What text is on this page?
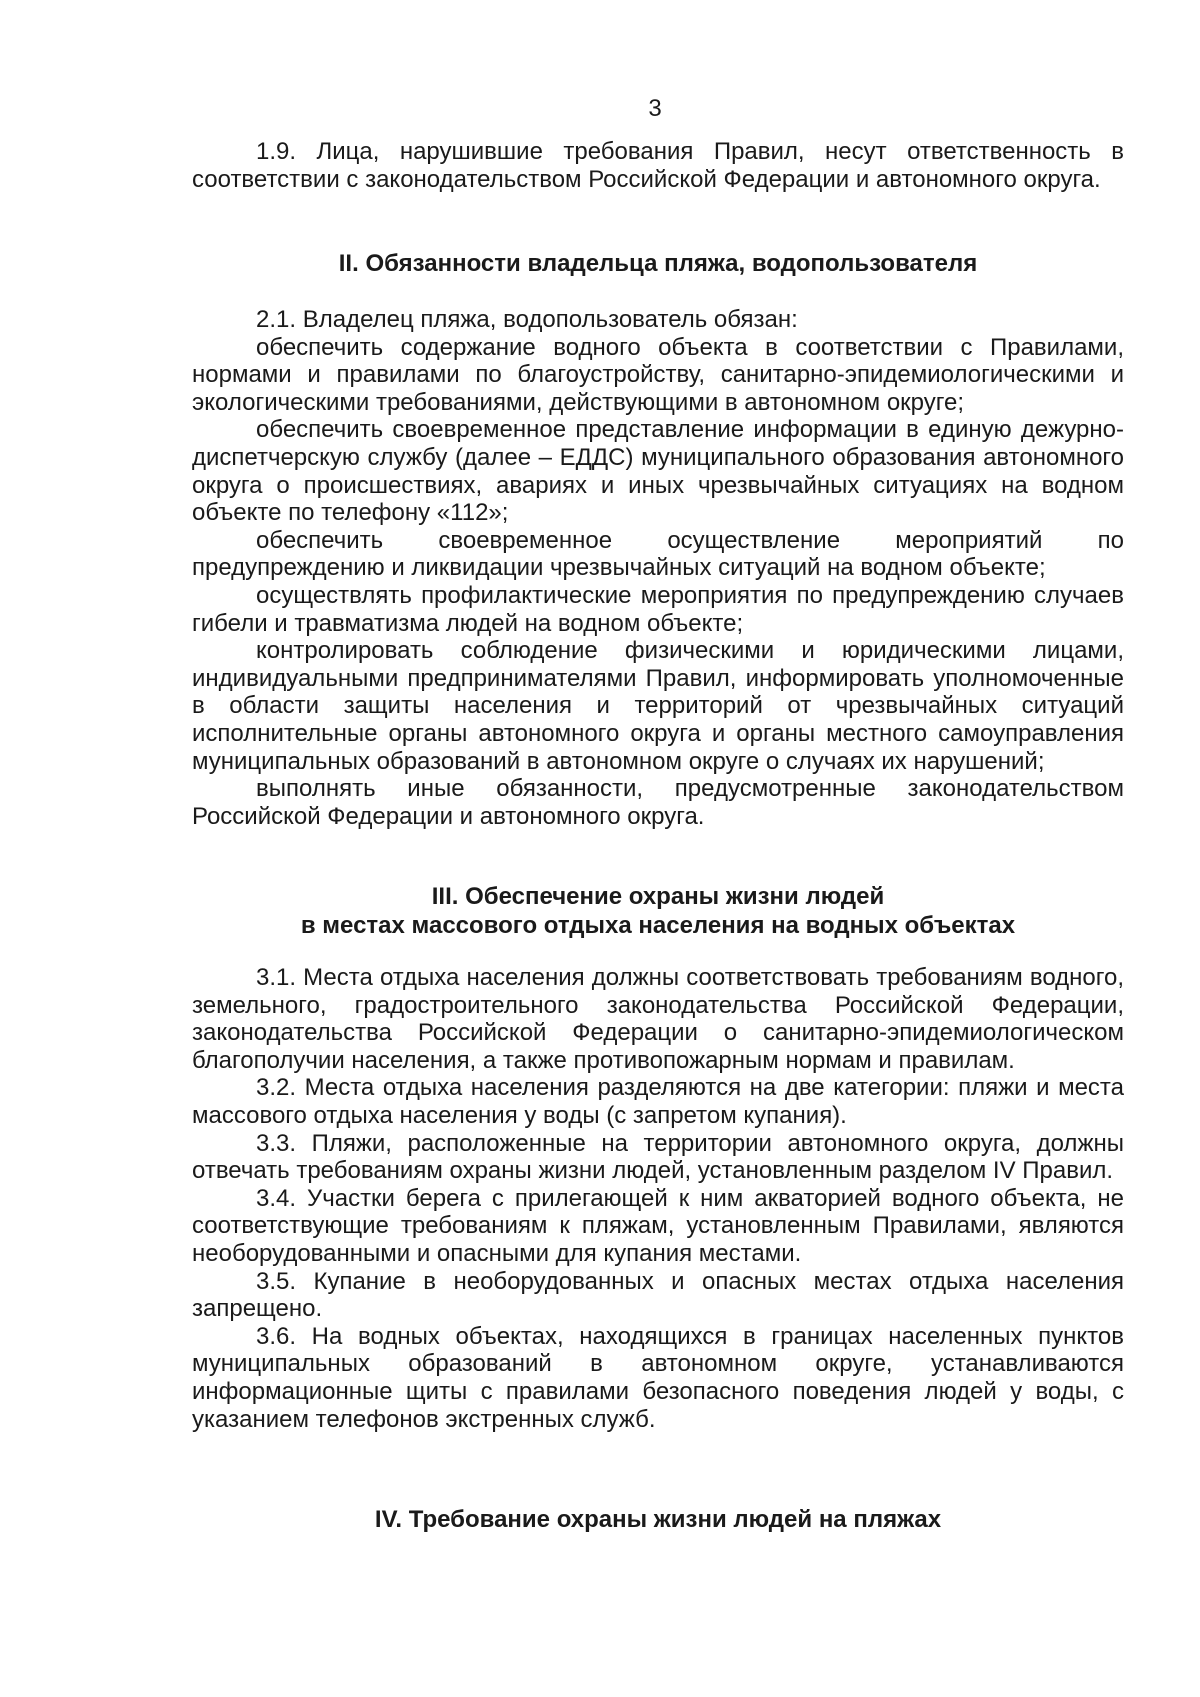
3

1.9. Лица, нарушившие требования Правил, несут ответственность в соответствии с законодательством Российской Федерации и автономного округа.

II. Обязанности владельца пляжа, водопользователя

2.1. Владелец пляжа, водопользователь обязан:

обеспечить содержание водного объекта в соответствии с Правилами, нормами и правилами по благоустройству, санитарно-эпидемиологическими и экологическими требованиями, действующими в автономном округе;

обеспечить своевременное представление информации в единую дежурно-диспетчерскую службу (далее – ЕДДС) муниципального образования автономного округа о происшествиях, авариях и иных чрезвычайных ситуациях на водном объекте по телефону «112»;

обеспечить своевременное осуществление мероприятий по предупреждению и ликвидации чрезвычайных ситуаций на водном объекте;

осуществлять профилактические мероприятия по предупреждению случаев гибели и травматизма людей на водном объекте;

контролировать соблюдение физическими и юридическими лицами, индивидуальными предпринимателями Правил, информировать уполномоченные в области защиты населения и территорий от чрезвычайных ситуаций исполнительные органы автономного округа и органы местного самоуправления муниципальных образований в автономном округе о случаях их нарушений;

выполнять иные обязанности, предусмотренные законодательством Российской Федерации и автономного округа.

III. Обеспечение охраны жизни людей
в местах массового отдыха населения на водных объектах

3.1. Места отдыха населения должны соответствовать требованиям водного, земельного, градостроительного законодательства Российской Федерации, законодательства Российской Федерации о санитарно-эпидемиологическом благополучии населения, а также противопожарным нормам и правилам.

3.2. Места отдыха населения разделяются на две категории: пляжи и места массового отдыха населения у воды (с запретом купания).

3.3. Пляжи, расположенные на территории автономного округа, должны отвечать требованиям охраны жизни людей, установленным разделом IV Правил.

3.4. Участки берега с прилегающей к ним акваторией водного объекта, не соответствующие требованиям к пляжам, установленным Правилами, являются необорудованными и опасными для купания местами.

3.5. Купание в необорудованных и опасных местах отдыха населения запрещено.

3.6. На водных объектах, находящихся в границах населенных пунктов муниципальных образований в автономном округе, устанавливаются информационные щиты с правилами безопасного поведения людей у воды, с указанием телефонов экстренных служб.

IV. Требование охраны жизни людей на пляжах
